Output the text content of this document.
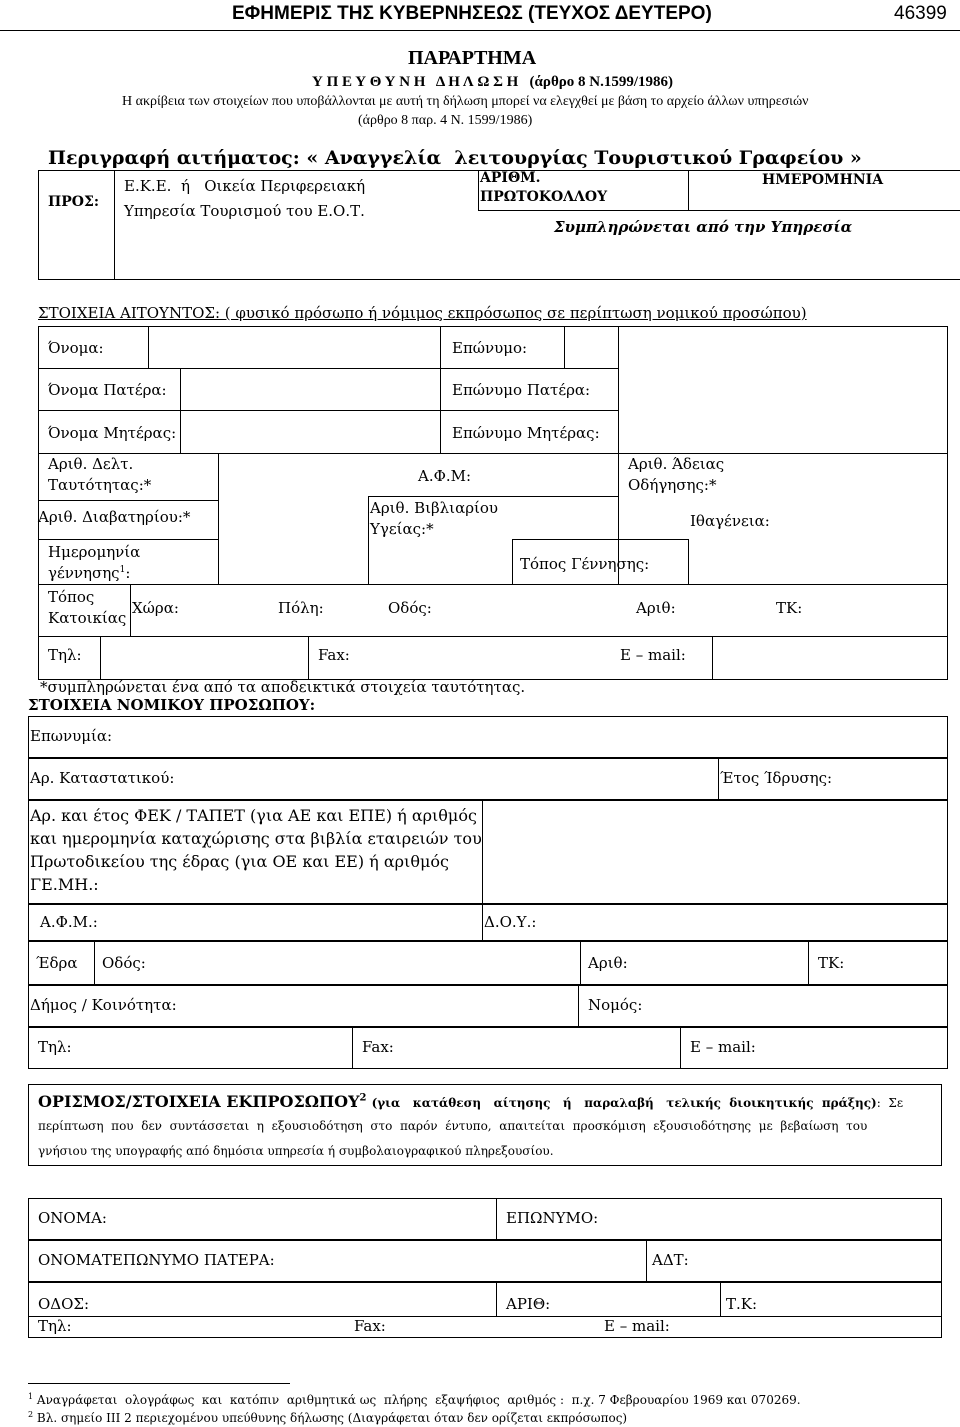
ΕΦΗΜΕΡΙΣ ΤΗΣ ΚΥΒΕΡΝΗΣΕΩΣ (ΤΕΥΧΟΣ ΔΕΥΤΕΡΟ)	46399
ΠΑΡΑΡΤΗΜΑ
Υ Π Ε Υ Θ Υ Ν Η   Δ Η Λ Ω Σ Η   (άρθρο 8 Ν.1599/1986)
Η ακρίβεια των στοιχείων που υποβάλλονται με αυτή τη δήλωση μπορεί να ελεγχθεί με βάση το αρχείο άλλων υπηρεσιών
(άρθρο 8 παρ. 4 Ν. 1599/1986)
Περιγραφή αιτήματος: « Αναγγελία  λειτουργίας Τουριστικού Γραφείου »
ΠΡΟΣ:
Ε.Κ.Ε.  ή   Οικεία Περιφερειακή
Υπηρεσία Τουρισμού του Ε.Ο.Τ.
ΑΡΙΘΜ.
ΠΡΩΤΟΚΟΛΛΟΥ
ΗΜΕΡΟΜΗΝΙΑ
Συμπληρώνεται από την Υπηρεσία
ΣΤΟΙΧΕΙΑ ΑΙΤΟΥΝΤΟΣ: ( φυσικό πρόσωπο ή νόμιμος εκπρόσωπος σε περίπτωση νομικού προσώπου)
Όνομα:	Επώνυμο:
Όνομα Πατέρα:	Επώνυμο Πατέρα:
Όνομα Μητέρας:	Επώνυμο Μητέρας:
Αριθ. Δελτ.
Ταυτότητας:*	Α.Φ.Μ:
Αριθ. Άδειας
Οδήγησης:*
Αριθ. Διαβατηρίου:*	Αριθ. Βιβλιαρίου
Υγείας:*	Ιθαγένεια:
Ημερομηνία
γέννησης$^1$:	Τόπος Γέννησης:
Τόπος
Κατοικίας
Χώρα:	Πόλη:	Οδός:	Αριθ:	ΤΚ:
Τηλ:	Fax:	E – mail:
*συμπληρώνεται ένα από τα αποδεικτικά στοιχεία ταυτότητας.
ΣΤΟΙΧΕΙΑ ΝΟΜΙΚΟΥ ΠΡΟΣΩΠΟΥ:
Επωνυμία:
Αρ. Καταστατικού:	Έτος Ίδρυσης:
Αρ. και έτος ΦΕΚ / ΤΑΠΕΤ (για ΑΕ και ΕΠΕ) ή αριθμός
και ημερομηνία καταχώρισης στα βιβλία εταιρειών του
Πρωτοδικείου της έδρας (για ΟΕ και ΕΕ) ή αριθμός
ΓΕ.ΜΗ.:
Α.Φ.Μ.:	Δ.Ο.Υ.:
Έδρα Οδός:	Αριθ:	ΤΚ:
Δήμος / Κοινότητα:	Νομός:
Τηλ:	Fax:	E – mail:
ΟΡΙΣΜΟΣ/ΣΤΟΙΧΕΙΑ ΕΚΠΡΟΣΩΠΟΥ$^2$ (για   κατάθεση   αίτησης   ή   παραλαβή   τελικής  διοικητικής  πράξης):  Σε
περίπτωση  που  δεν  συντάσσεται  η  εξουσιοδότηση  στο  παρόν  έντυπο,  απαιτείται  προσκόμιση  εξουσιοδότησης  με  βεβαίωση  του
γνήσιου της υπογραφής από δημόσια υπηρεσία ή συμβολαιογραφικού πληρεξουσίου.
ΟΝΟΜΑ:	ΕΠΩΝΥΜΟ:
ΟΝΟΜΑΤΕΠΩΝΥΜΟ ΠΑΤΕΡΑ:	ΑΔΤ:
ΟΔΟΣ:	ΑΡΙΘ:	Τ.Κ:
Τηλ:	Fax:	E – mail:
$^1$ Αναγράφεται  ολογράφως  και  κατόπιν  αριθμητικά ως  πλήρης  εξαψήφιος  αριθμός :  π.χ. 7 Φεβρουαρίου 1969 και 070269.
$^2$ Βλ. σημείο ΙΙΙ 2 περιεχομένου υπεύθυνης δήλωσης (Διαγράφεται όταν δεν ορίζεται εκπρόσωπος)
